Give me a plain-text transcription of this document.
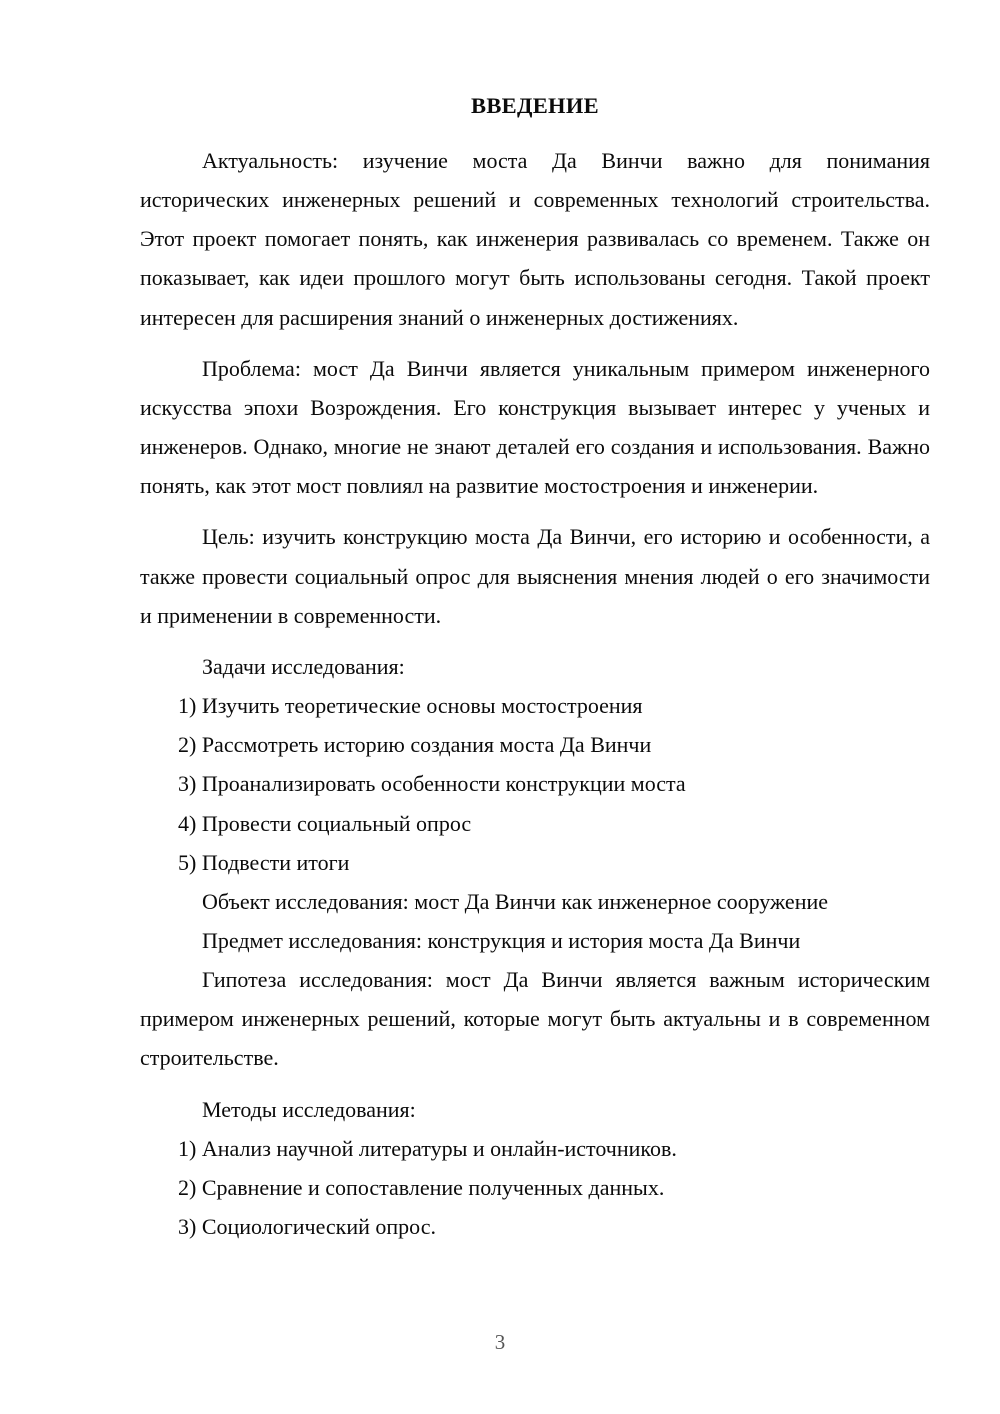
ВВЕДЕНИЕ

Актуальность: изучение моста Да Винчи важно для понимания исторических инженерных решений и современных технологий строительства. Этот проект помогает понять, как инженерия развивалась со временем. Также он показывает, как идеи прошлого могут быть использованы сегодня. Такой проект интересен для расширения знаний о инженерных достижениях.

Проблема: мост Да Винчи является уникальным примером инженерного искусства эпохи Возрождения. Его конструкция вызывает интерес у ученых и инженеров. Однако, многие не знают деталей его создания и использования. Важно понять, как этот мост повлиял на развитие мостостроения и инженерии.

Цель: изучить конструкцию моста Да Винчи, его историю и особенности, а также провести социальный опрос для выяснения мнения людей о его значимости и применении в современности.

Задачи исследования:

1) Изучить теоретические основы мостостроения
2) Рассмотреть историю создания моста Да Винчи
3) Проанализировать особенности конструкции моста
4) Провести социальный опрос
5) Подвести итоги

Объект исследования: мост Да Винчи как инженерное сооружение

Предмет исследования: конструкция и история моста Да Винчи

Гипотеза исследования: мост Да Винчи является важным историческим примером инженерных решений, которые могут быть актуальны и в современном строительстве.

Методы исследования:

1) Анализ научной литературы и онлайн-источников.
2) Сравнение и сопоставление полученных данных.
3) Социологический опрос.
3
